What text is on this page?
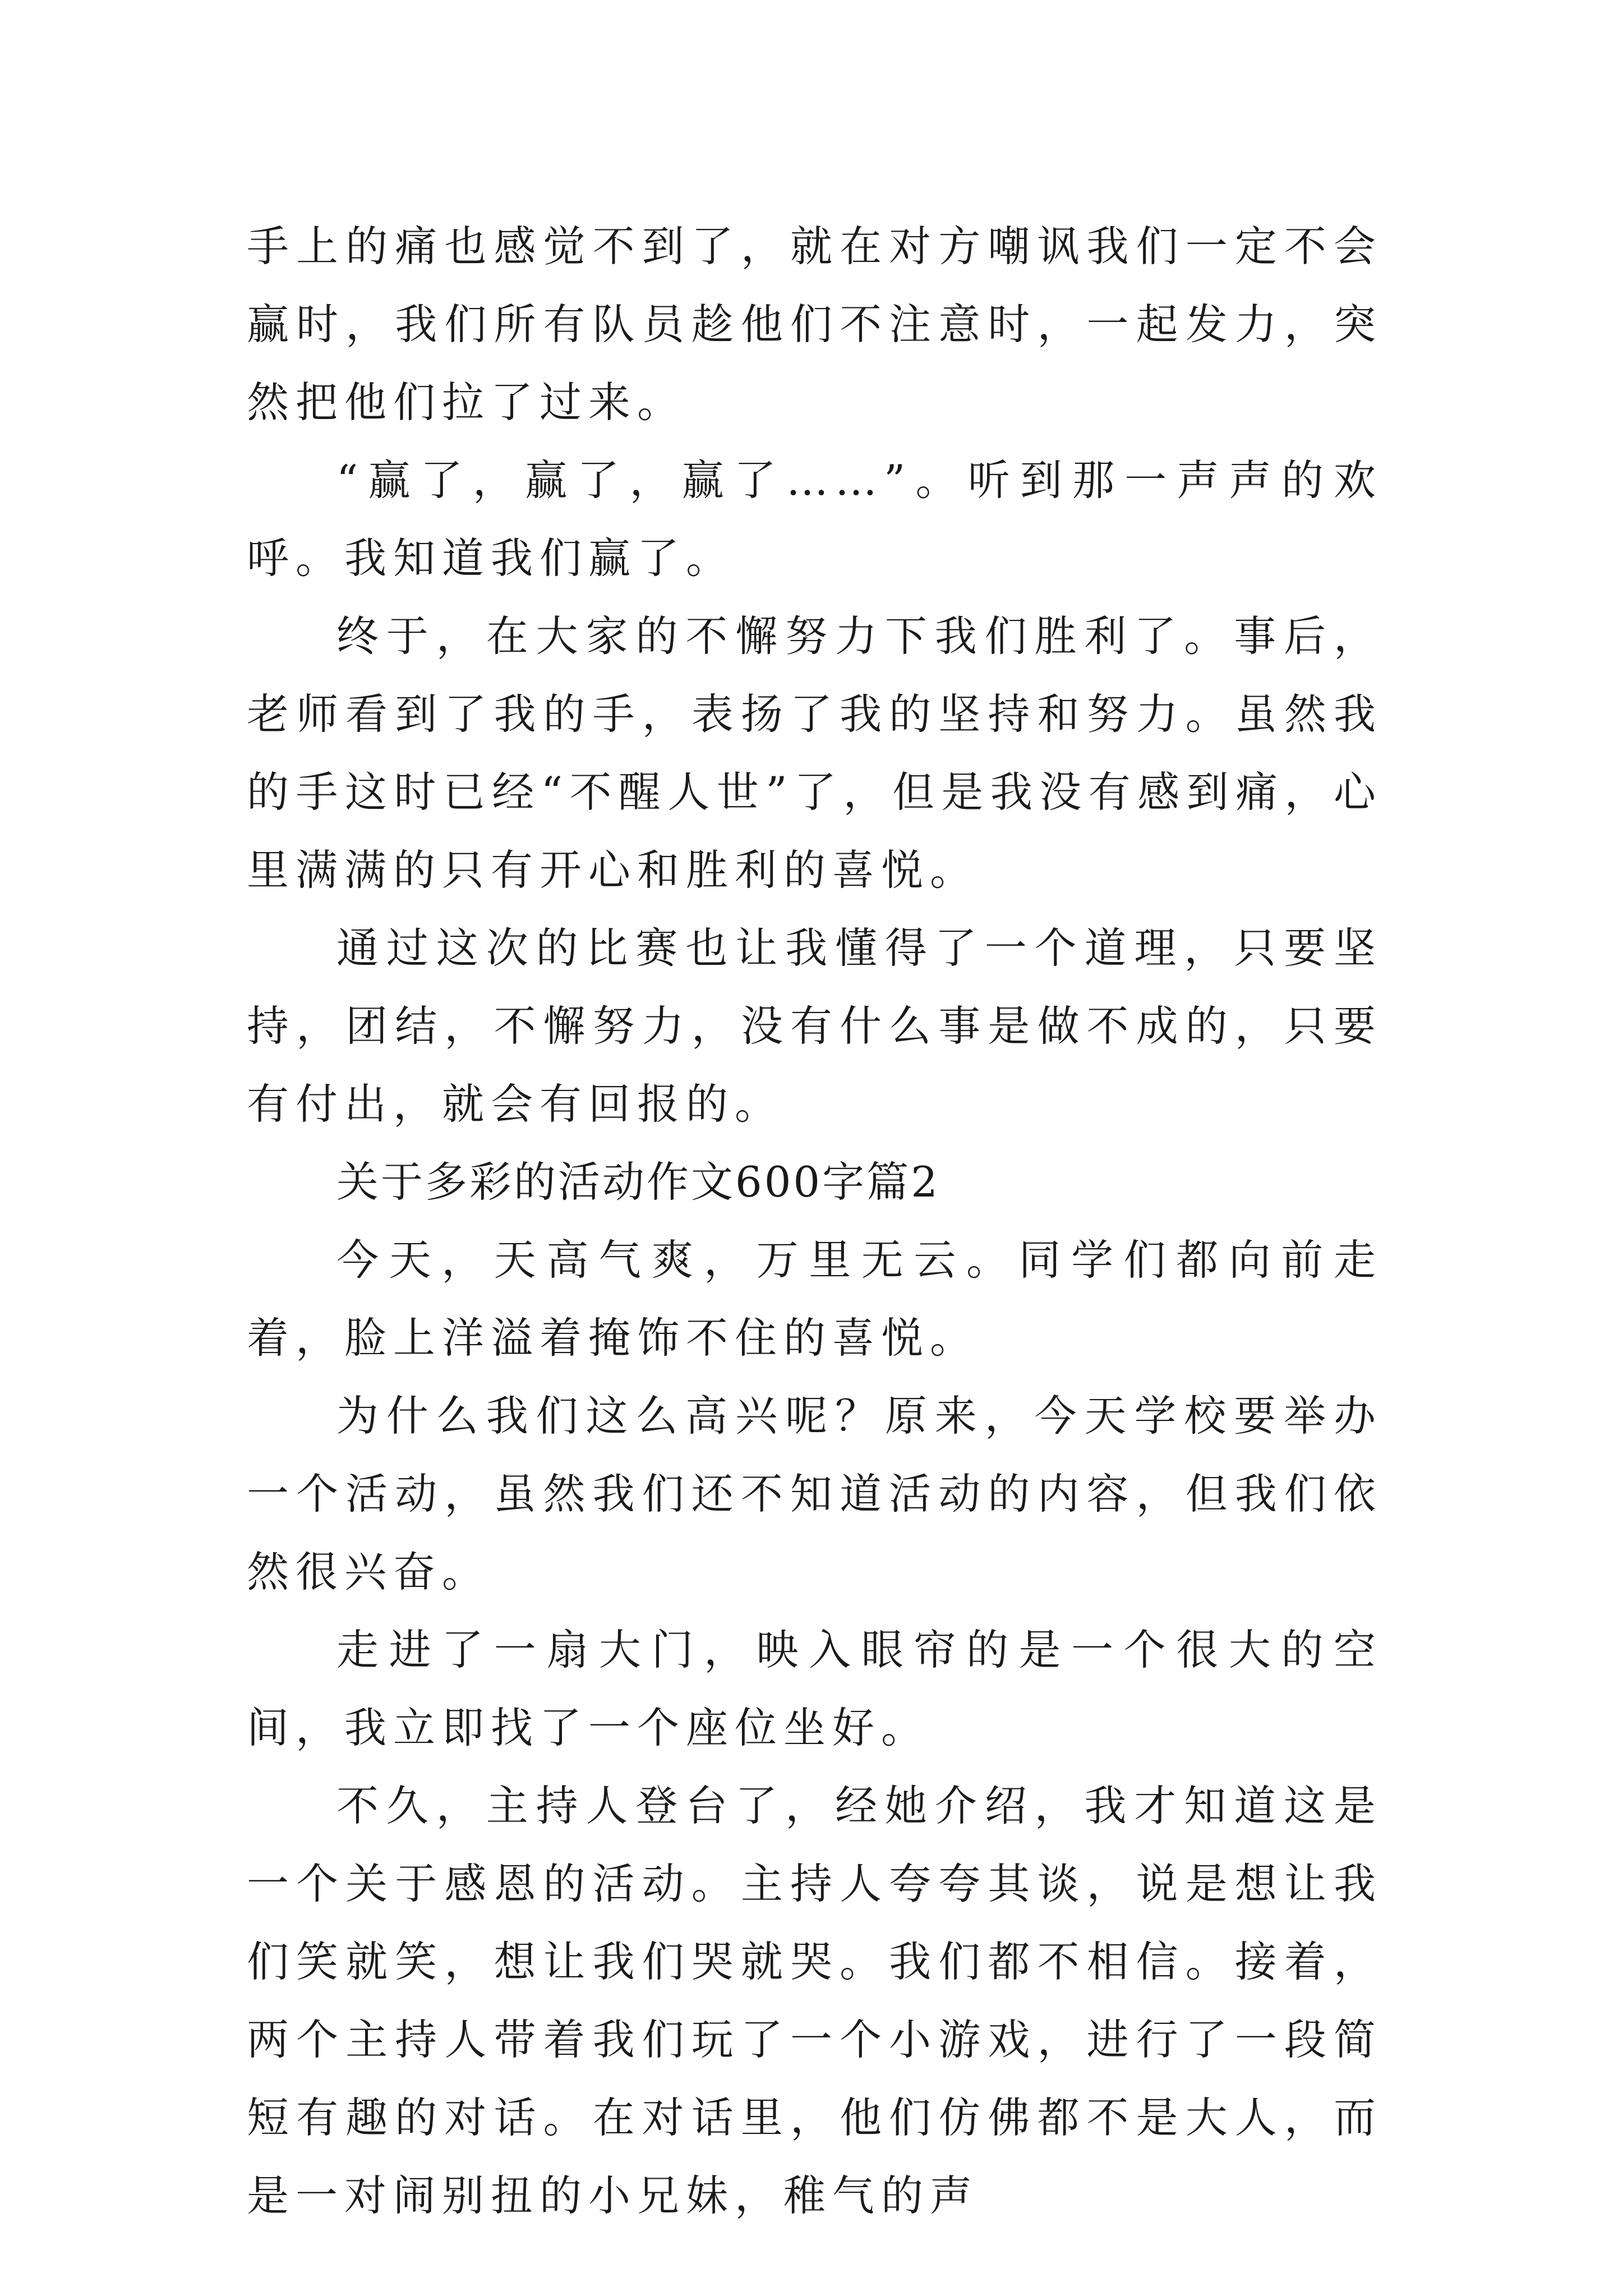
手上的痛也感觉不到了，就在对方嘲讽我们一定不会赢时，我们所有队员趁他们不注意时，一起发力，突然把他们拉了过来。

“赢了，赢了，赢了……”。听到那一声声的欢呼。我知道我们赢了。

终于，在大家的不懈努力下我们胜利了。事后，老师看到了我的手，表扬了我的坚持和努力。虽然我的手这时已经“不醒人世”了，但是我没有感到痛，心里满满的只有开心和胜利的喜悦。

通过这次的比赛也让我懂得了一个道理，只要坚持，团结，不懈努力，没有什么事是做不成的，只要有付出，就会有回报的。

关于多彩的活动作文600字篇2

今天，天高气爽，万里无云。同学们都向前走着，脸上洋溢着掩饰不住的喜悦。

为什么我们这么高兴呢？原来，今天学校要举办一个活动，虽然我们还不知道活动的内容，但我们依然很兴奋。

走进了一扇大门，映入眼帘的是一个很大的空间，我立即找了一个座位坐好。

不久，主持人登台了，经她介绍，我才知道这是一个关于感恩的活动。主持人夸夸其谈，说是想让我们笑就笑，想让我们哭就哭。我们都不相信。接着，两个主持人带着我们玩了一个小游戏，进行了一段简短有趣的对话。在对话里，他们仿佛都不是大人，而是一对闹别扭的小兄妹，稚气的声
